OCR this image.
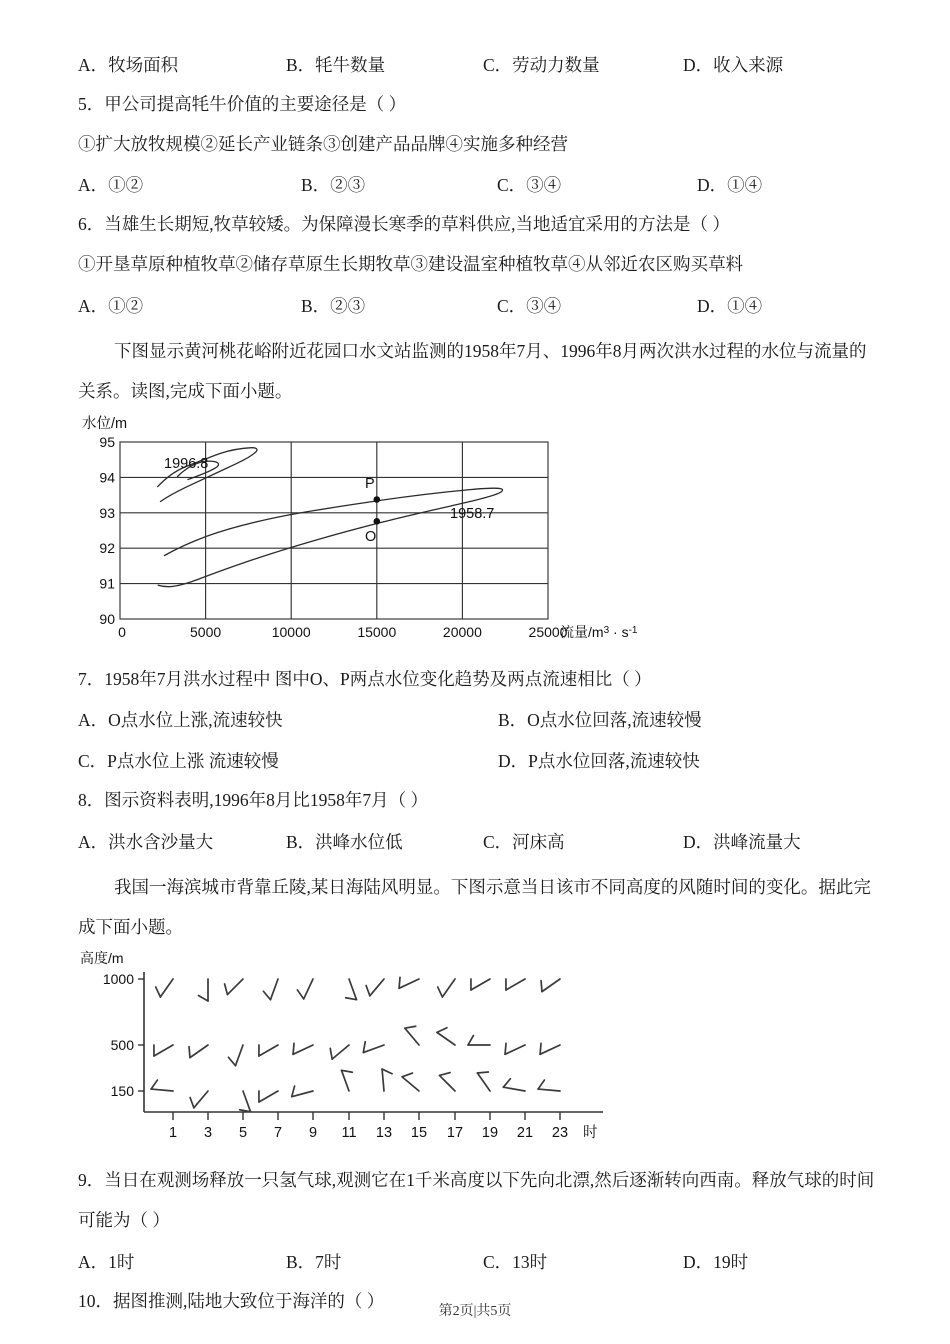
A．牧场面积	B．牦牛数量	C．劳动力数量	D．收入来源
5．甲公司提高牦牛价值的主要途径是（ ）
①扩大放牧规模②延长产业链条③创建产品品牌④实施多种经营
A．①②	B．②③	C．③④	D．①④
6．当雄生长期短,牧草较矮。为保障漫长寒季的草料供应,当地适宜采用的方法是（ ）
①开垦草原种植牧草②储存草原生长期牧草③建设温室种植牧草④从邻近农区购买草料
A．①②	B．②③	C．③④	D．①④
下图显示黄河桃花峪附近花园口水文站监测的1958年7月、1996年8月两次洪水过程的水位与流量的
关系。读图,完成下面小题。
水位/m
95
94
93
92
91
90
0	5000	10000	15000	20000	25000
流量$/m^3 \cdot s^{-1}$
1996.8
1958.7
P
O
7．1958年7月洪水过程中 图中O、P两点水位变化趋势及两点流速相比（ ）
A．O点水位上涨,流速较快	B．O点水位回落,流速较慢
C．P点水位上涨 流速较慢	D．P点水位回落,流速较快
8．图示资料表明,1996年8月比1958年7月（ ）
A．洪水含沙量大	B．洪峰水位低	C．河床高	D．洪峰流量大
我国一海滨城市背靠丘陵,某日海陆风明显。下图示意当日该市不同高度的风随时间的变化。据此完
成下面小题。
高度/m
1000
500
150
1 3 5 7 9 11 13 15 17 19 21 23 时
9．当日在观测场释放一只氢气球,观测它在1千米高度以下先向北漂,然后逐渐转向西南。释放气球的时间
可能为（ ）
A．1时	B．7时	C．13时	D．19时
10．据图推测,陆地大致位于海洋的（ ）
第2页|共5页
